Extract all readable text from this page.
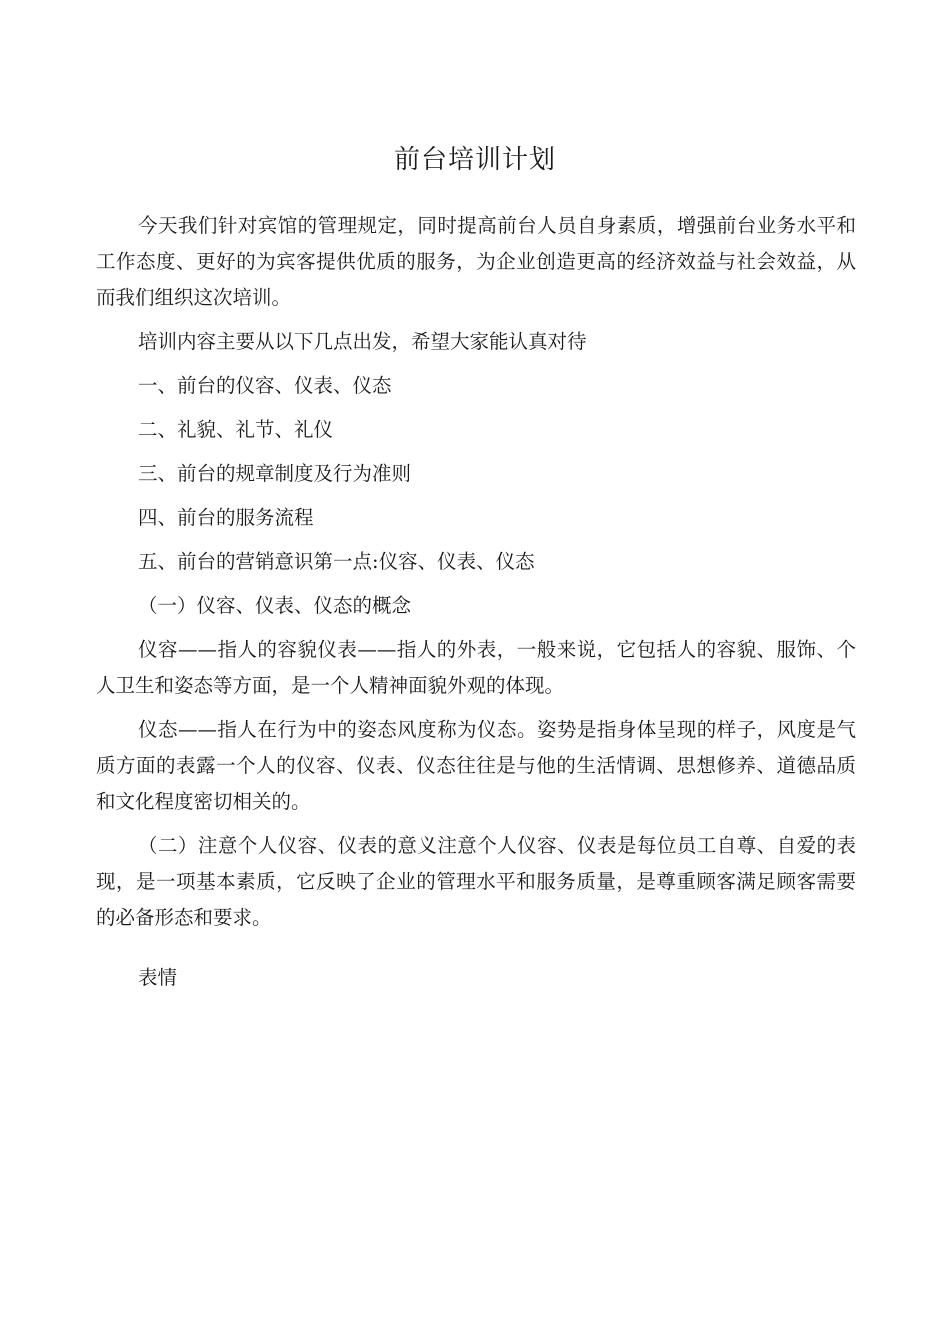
前台培训计划

今天我们针对宾馆的管理规定，同时提高前台人员自身素质，增强前台业务水平和工作态度、更好的为宾客提供优质的服务，为企业创造更高的经济效益与社会效益，从而我们组织这次培训。

培训内容主要从以下几点出发，希望大家能认真对待

一、前台的仪容、仪表、仪态

二、礼貌、礼节、礼仪

三、前台的规章制度及行为准则

四、前台的服务流程

五、前台的营销意识第一点:仪容、仪表、仪态

（一）仪容、仪表、仪态的概念

仪容——指人的容貌仪表——指人的外表，一般来说，它包括人的容貌、服饰、个人卫生和姿态等方面，是一个人精神面貌外观的体现。

仪态——指人在行为中的姿态风度称为仪态。姿势是指身体呈现的样子，风度是气质方面的表露一个人的仪容、仪表、仪态往往是与他的生活情调、思想修养、道德品质和文化程度密切相关的。

（二）注意个人仪容、仪表的意义注意个人仪容、仪表是每位员工自尊、自爱的表现，是一项基本素质，它反映了企业的管理水平和服务质量，是尊重顾客满足顾客需要的必备形态和要求。

表情
